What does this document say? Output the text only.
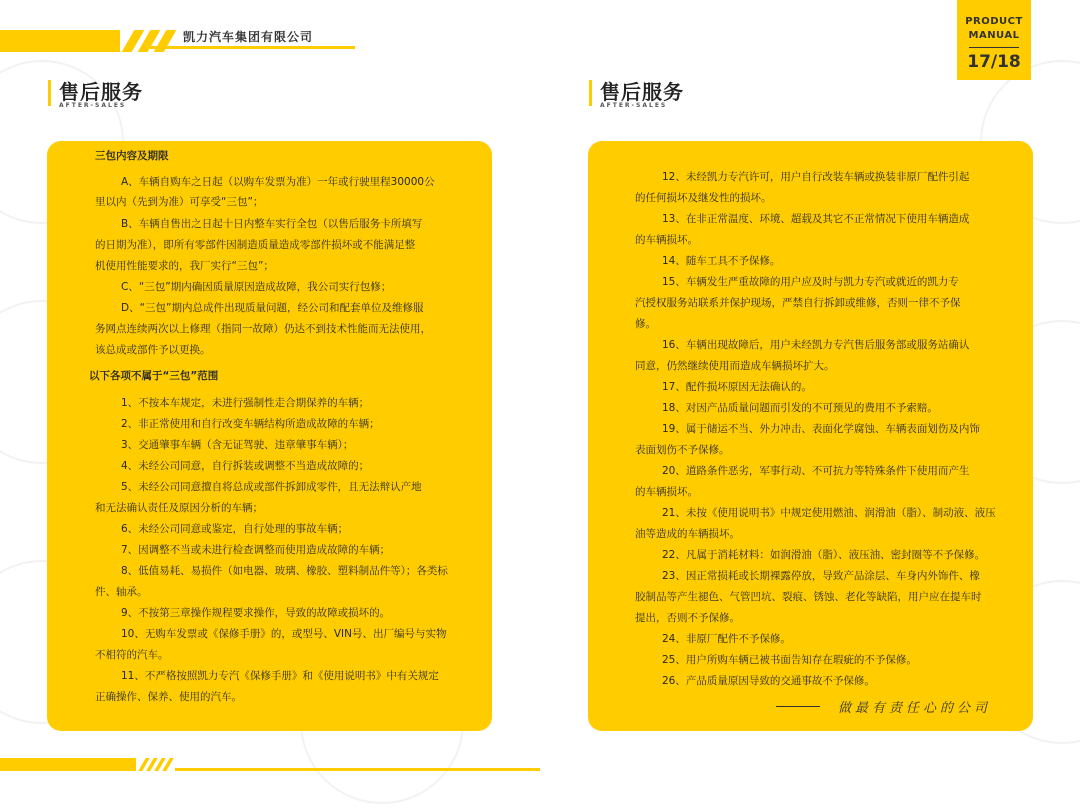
凯力汽车集团有限公司
PRODUCT
MANUAL
17/18
售后服务
AFTER-SALES
售后服务
AFTER-SALES
三包内容及期限
A、车辆自购车之日起（以购车发票为准）一年或行驶里程30000公
里以内（先到为准）可享受“三包”；
B、车辆自售出之日起十日内整车实行全包（以售后服务卡所填写
的日期为准），即所有零部件因制造质量造成零部件损坏或不能满足整
机使用性能要求的，我厂实行“三包”；
C、“三包”期内确因质量原因造成故障，我公司实行包修；
D、“三包”期内总成件出现质量问题，经公司和配套单位及维修服
务网点连续两次以上修理（指同一故障）仍达不到技术性能而无法使用，
该总成或部件予以更换。
以下各项不属于“三包”范围
1、不按本车规定，未进行强制性走合期保养的车辆；
2、非正常使用和自行改变车辆结构所造成故障的车辆；
3、交通肇事车辆（含无证驾驶、违章肇事车辆）；
4、未经公司同意，自行拆装或调整不当造成故障的；
5、未经公司同意擅自将总成或部件拆卸成零件，且无法辩认产地
和无法确认责任及原因分析的车辆；
6、未经公司同意或鉴定，自行处理的事故车辆；
7、因调整不当或未进行检查调整而使用造成故障的车辆；
8、低值易耗、易损件（如电器、玻璃、橡胶、塑料制品件等）；各类标
件、轴承。
9、不按第三章操作规程要求操作，导致的故障或损坏的。
10、无购车发票或《保修手册》的，或型号、VIN号、出厂编号与实物
不相符的汽车。
11、不严格按照凯力专汽《保修手册》和《使用说明书》中有关规定
正确操作、保养、使用的汽车。
12、未经凯力专汽许可，用户自行改装车辆或换装非原厂配件引起
的任何损坏及继发性的损坏。
13、在非正常温度、环境、超载及其它不正常情况下使用车辆造成
的车辆损坏。
14、随车工具不予保修。
15、车辆发生严重故障的用户应及时与凯力专汽或就近的凯力专
汽授权服务站联系并保护现场，严禁自行拆卸或维修，否则一律不予保
修。
16、车辆出现故障后，用户未经凯力专汽售后服务部或服务站确认
同意，仍然继续使用而造成车辆损坏扩大。
17、配件损坏原因无法确认的。
18、对因产品质量问题而引发的不可预见的费用不予索赔。
19、属于储运不当、外力冲击、表面化学腐蚀、车辆表面划伤及内饰
表面划伤不予保修。
20、道路条件恶劣，军事行动、不可抗力等特殊条件下使用而产生
的车辆损坏。
21、未按《使用说明书》中规定使用燃油、润滑油（脂）、制动液、液压
油等造成的车辆损坏。
22、凡属于消耗材料：如润滑油（脂）、液压油、密封圈等不予保修。
23、因正常损耗或长期裸露停放，导致产品涂层、车身内外饰件、橡
胶制品等产生褪色、气管凹坑、裂痕、锈蚀、老化等缺陷，用户应在提车时
提出，否则不予保修。
24、非原厂配件不予保修。
25、用户所购车辆已被书面告知存在瑕疵的不予保修。
26、产品质量原因导致的交通事故不予保修。
做最有责任心的公司
